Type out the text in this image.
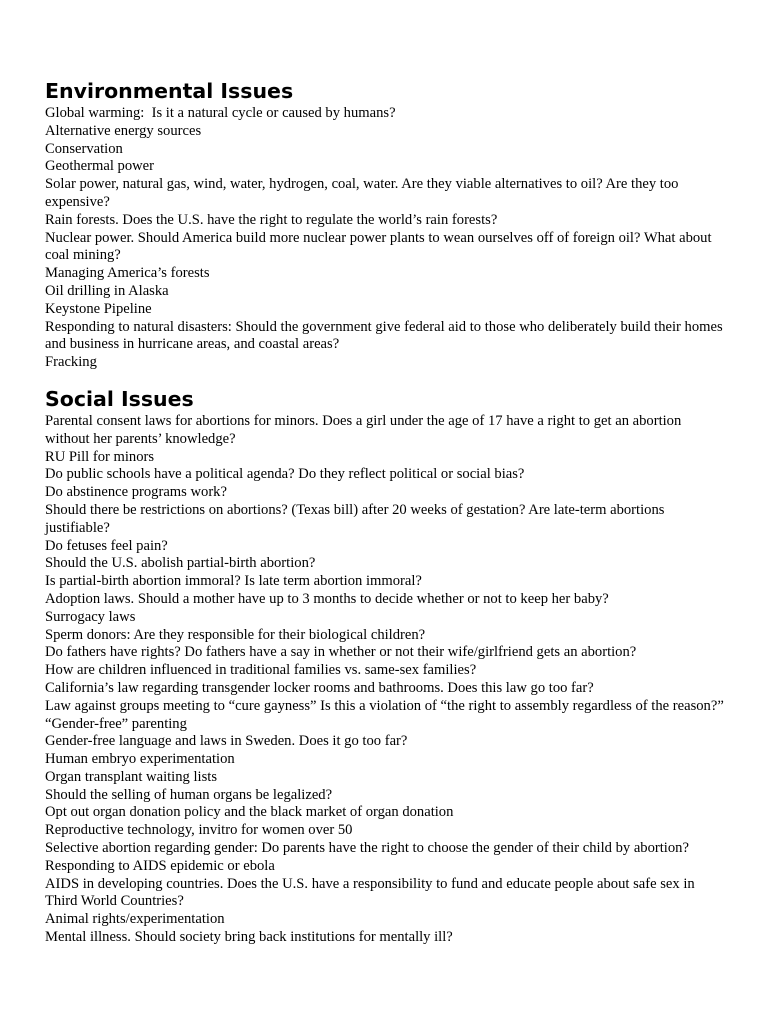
Environmental Issues
Global warming:  Is it a natural cycle or caused by humans?
Alternative energy sources
Conservation
Geothermal power
Solar power, natural gas, wind, water, hydrogen, coal, water. Are they viable alternatives to oil? Are they too expensive?
Rain forests. Does the U.S. have the right to regulate the world’s rain forests?
Nuclear power. Should America build more nuclear power plants to wean ourselves off of foreign oil? What about coal mining?
Managing America’s forests
Oil drilling in Alaska
Keystone Pipeline
Responding to natural disasters: Should the government give federal aid to those who deliberately build their homes and business in hurricane areas, and coastal areas?
Fracking
Social Issues
Parental consent laws for abortions for minors. Does a girl under the age of 17 have a right to get an abortion without her parents’ knowledge?
RU Pill for minors
Do public schools have a political agenda? Do they reflect political or social bias?
Do abstinence programs work?
Should there be restrictions on abortions? (Texas bill) after 20 weeks of gestation? Are late-term abortions justifiable?
Do fetuses feel pain?
Should the U.S. abolish partial-birth abortion?
Is partial-birth abortion immoral? Is late term abortion immoral?
Adoption laws. Should a mother have up to 3 months to decide whether or not to keep her baby?
Surrogacy laws
Sperm donors: Are they responsible for their biological children?
Do fathers have rights? Do fathers have a say in whether or not their wife/girlfriend gets an abortion?
How are children influenced in traditional families vs. same-sex families?
California’s law regarding transgender locker rooms and bathrooms. Does this law go too far?
Law against groups meeting to “cure gayness” Is this a violation of “the right to assembly regardless of the reason?”
“Gender-free” parenting
Gender-free language and laws in Sweden. Does it go too far?
Human embryo experimentation
Organ transplant waiting lists
Should the selling of human organs be legalized?
Opt out organ donation policy and the black market of organ donation
Reproductive technology, invitro for women over 50
Selective abortion regarding gender: Do parents have the right to choose the gender of their child by abortion?
Responding to AIDS epidemic or ebola
AIDS in developing countries. Does the U.S. have a responsibility to fund and educate people about safe sex in Third World Countries?
Animal rights/experimentation
Mental illness. Should society bring back institutions for mentally ill?
